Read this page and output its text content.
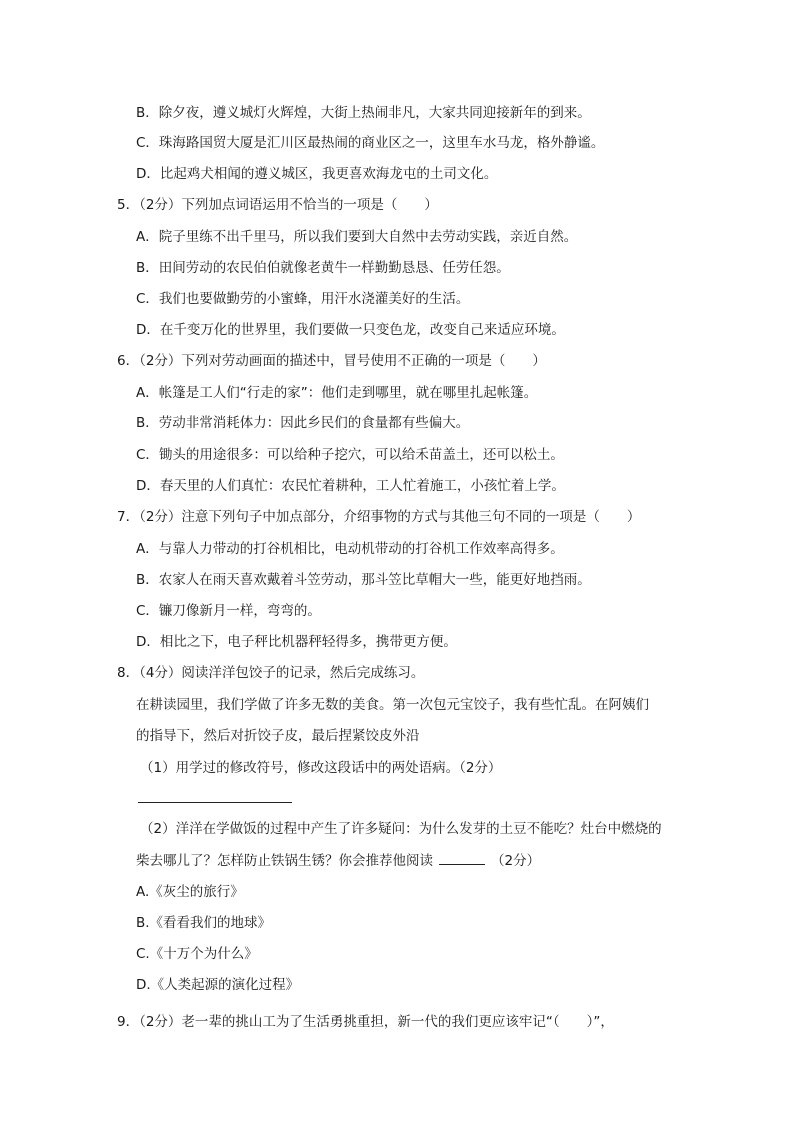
B．除夕夜，遵义城灯火辉煌，大街上热闹非凡，大家共同迎接新年的到来。
C．珠海路国贸大厦是汇川区最热闹的商业区之一，这里车水马龙，格外静谧。
D．比起鸡犬相闻的遵义城区，我更喜欢海龙屯的土司文化。
5．（2分）下列加点词语运用不恰当的一项是（　　）
A．院子里练不出千里马，所以我们要到大自然中去劳动实践，亲近自然。
B．田间劳动的农民伯伯就像老黄牛一样勤勤恳恳、任劳任怨。
C．我们也要做勤劳的小蜜蜂，用汗水浇灌美好的生活。
D．在千变万化的世界里，我们要做一只变色龙，改变自己来适应环境。
6．（2分）下列对劳动画面的描述中，冒号使用不正确的一项是（　　）
A．帐篷是工人们“行走的家”：他们走到哪里，就在哪里扎起帐篷。
B．劳动非常消耗体力：因此乡民们的食量都有些偏大。
C．锄头的用途很多：可以给种子挖穴，可以给禾苗盖土，还可以松土。
D．春天里的人们真忙：农民忙着耕种，工人忙着施工，小孩忙着上学。
7．（2分）注意下列句子中加点部分，介绍事物的方式与其他三句不同的一项是（　　）
A．与靠人力带动的打谷机相比，电动机带动的打谷机工作效率高得多。
B．农家人在雨天喜欢戴着斗笠劳动，那斗笠比草帽大一些，能更好地挡雨。
C．镰刀像新月一样，弯弯的。
D．相比之下，电子秤比机器秤轻得多，携带更方便。
8．（4分）阅读洋洋包饺子的记录，然后完成练习。
在耕读园里，我们学做了许多无数的美食。第一次包元宝饺子，我有些忙乱。在阿姨们
的指导下，然后对折饺子皮，最后捏紧饺皮外沿
（1）用学过的修改符号，修改这段话中的两处语病。（2分）
（2）洋洋在学做饭的过程中产生了许多疑问：为什么发芽的土豆不能吃？灶台中燃烧的
柴去哪儿了？怎样防止铁锅生锈？你会推荐他阅读	（2分）
A.《灰尘的旅行》
B.《看看我们的地球》
C.《十万个为什么》
D.《人类起源的演化过程》
9．（2分）老一辈的挑山工为了生活勇挑重担，新一代的我们更应该牢记“（　　）”，
